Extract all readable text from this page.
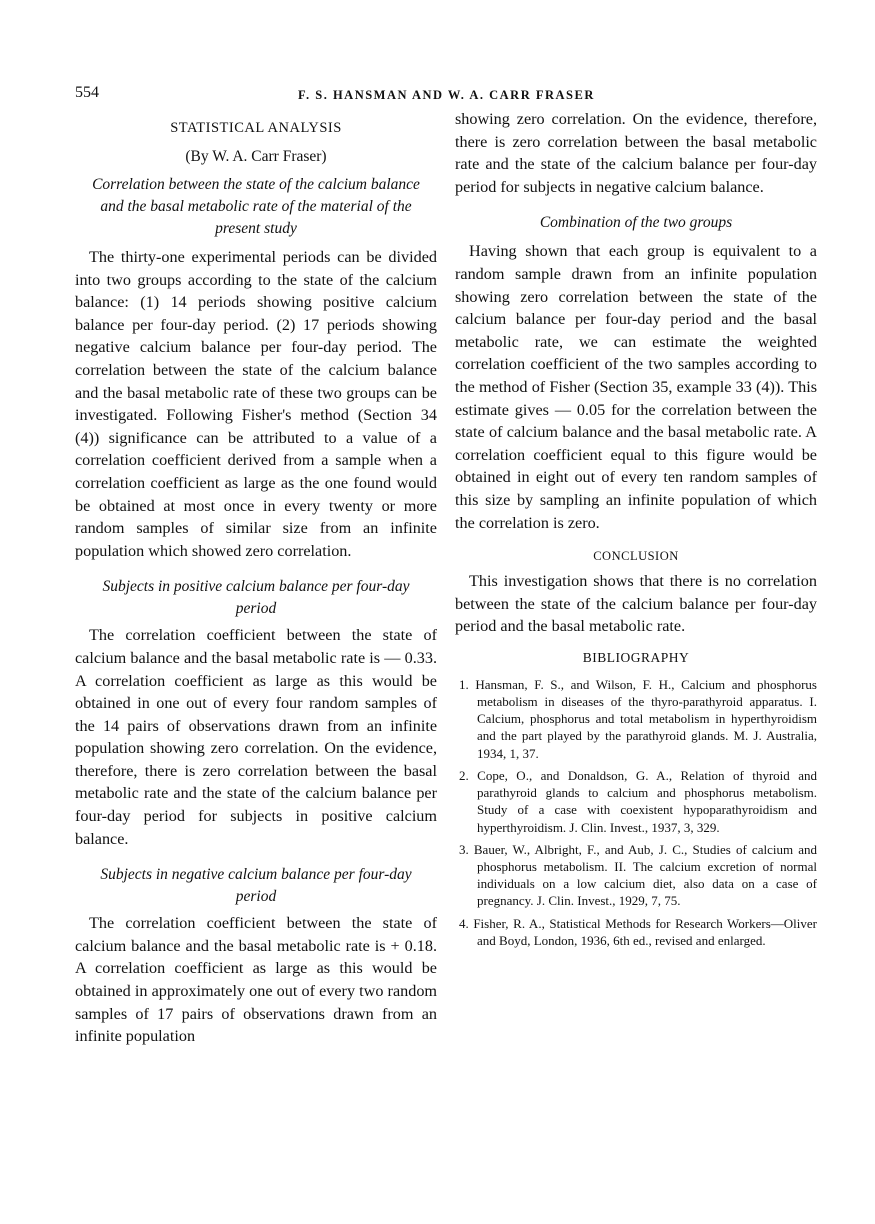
554	F. S. HANSMAN AND W. A. CARR FRASER
STATISTICAL ANALYSIS
(By W. A. Carr Fraser)
Correlation between the state of the calcium balance and the basal metabolic rate of the material of the present study

The thirty-one experimental periods can be divided into two groups according to the state of the calcium balance: (1) 14 periods showing positive calcium balance per four-day period. (2) 17 periods showing negative calcium balance per four-day period. The correlation between the state of the calcium balance and the basal metabolic rate of these two groups can be investigated. Following Fisher's method (Section 34 (4)) significance can be attributed to a value of a correlation coefficient derived from a sample when a correlation coefficient as large as the one found would be obtained at most once in every twenty or more random samples of similar size from an infinite population which showed zero correlation.

Subjects in positive calcium balance per four-day period

The correlation coefficient between the state of calcium balance and the basal metabolic rate is — 0.33. A correlation coefficient as large as this would be obtained in one out of every four random samples of the 14 pairs of observations drawn from an infinite population showing zero correlation. On the evidence, therefore, there is zero correlation between the basal metabolic rate and the state of the calcium balance per four-day period for subjects in positive calcium balance.

Subjects in negative calcium balance per four-day period

The correlation coefficient between the state of calcium balance and the basal metabolic rate is + 0.18. A correlation coefficient as large as this would be obtained in approximately one out of every two random samples of 17 pairs of observations drawn from an infinite population

showing zero correlation. On the evidence, therefore, there is zero correlation between the basal metabolic rate and the state of the calcium balance per four-day period for subjects in negative calcium balance.

Combination of the two groups

Having shown that each group is equivalent to a random sample drawn from an infinite population showing zero correlation between the state of the calcium balance per four-day period and the basal metabolic rate, we can estimate the weighted correlation coefficient of the two samples according to the method of Fisher (Section 35, example 33 (4)). This estimate gives — 0.05 for the correlation between the state of calcium balance and the basal metabolic rate. A correlation coefficient equal to this figure would be obtained in eight out of every ten random samples of this size by sampling an infinite population of which the correlation is zero.

CONCLUSION

This investigation shows that there is no correlation between the state of the calcium balance per four-day period and the basal metabolic rate.

BIBLIOGRAPHY

1. Hansman, F. S., and Wilson, F. H., Calcium and phosphorus metabolism in diseases of the thyro-parathyroid apparatus. I. Calcium, phosphorus and total metabolism in hyperthyroidism and the part played by the parathyroid glands. M. J. Australia, 1934, 1, 37.

2. Cope, O., and Donaldson, G. A., Relation of thyroid and parathyroid glands to calcium and phosphorus metabolism. Study of a case with coexistent hypoparathyroidism and hyperthyroidism. J. Clin. Invest., 1937, 3, 329.

3. Bauer, W., Albright, F., and Aub, J. C., Studies of calcium and phosphorus metabolism. II. The calcium excretion of normal individuals on a low calcium diet, also data on a case of pregnancy. J. Clin. Invest., 1929, 7, 75.

4. Fisher, R. A., Statistical Methods for Research Workers—Oliver and Boyd, London, 1936, 6th ed., revised and enlarged.
